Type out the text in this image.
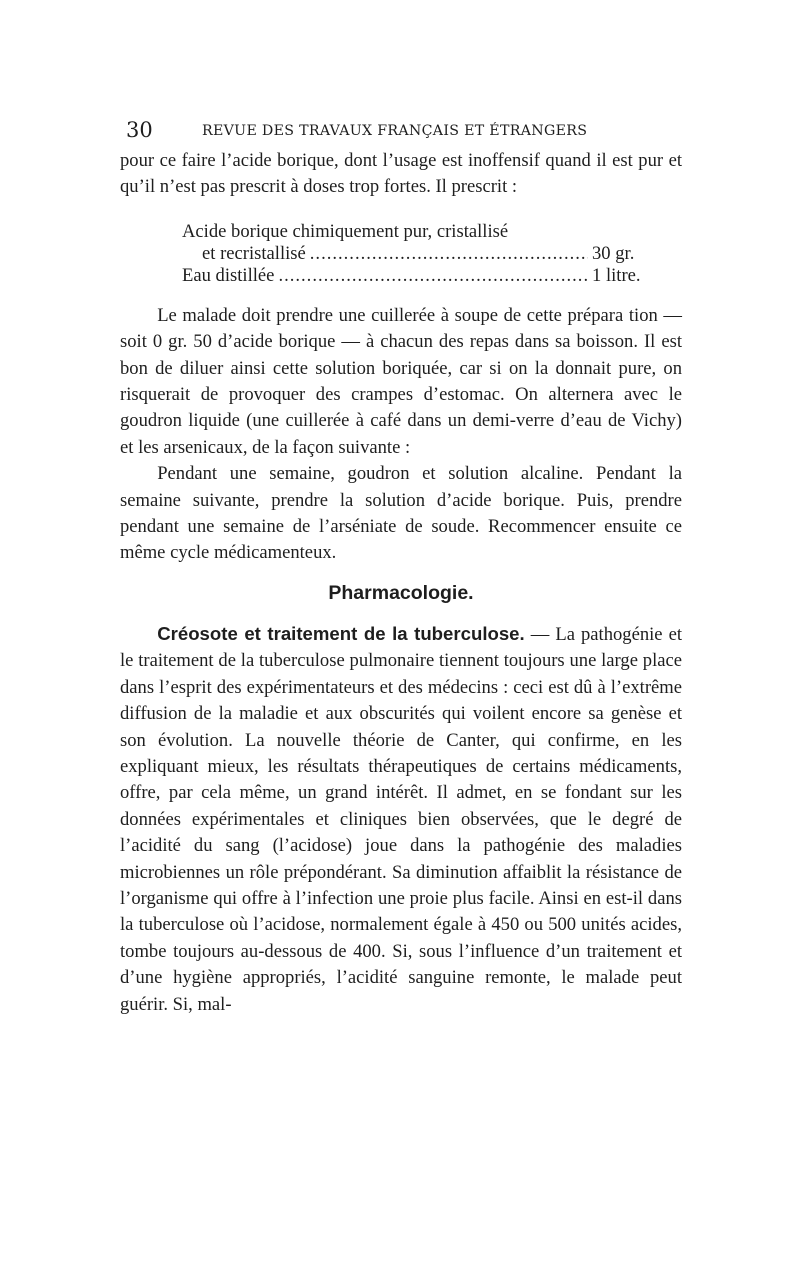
30	REVUE DES TRAVAUX FRANÇAIS ET ÉTRANGERS

pour ce faire l’acide borique, dont l’usage est inoffensif quand il est pur et qu’il n’est pas prescrit à doses trop fortes. Il prescrit :

Acide borique chimiquement pur, cristallisé
et recristallisé .....	30 gr.
Eau distillée .....	1 litre.

Le malade doit prendre une cuillerée à soupe de cette prépara tion — soit 0 gr. 50 d’acide borique — à chacun des repas dans sa boisson. Il est bon de diluer ainsi cette solution boriquée, car si on la donnait pure, on risquerait de provoquer des crampes d’estomac. On alternera avec le goudron liquide (une cuillerée à café dans un demi-verre d’eau de Vichy) et les arsenicaux, de la façon suivante :

Pendant une semaine, goudron et solution alcaline. Pendant la semaine suivante, prendre la solution d’acide borique. Puis, prendre pendant une semaine de l’arséniate de soude. Recommencer ensuite ce même cycle médicamenteux.

Pharmacologie.

Créosote et traitement de la tuberculose. — La pathogénie et le traitement de la tuberculose pulmonaire tiennent toujours une large place dans l’esprit des expérimentateurs et des médecins : ceci est dû à l’extrême diffusion de la maladie et aux obscurités qui voilent encore sa genèse et son évolution. La nouvelle théorie de Canter, qui confirme, en les expliquant mieux, les résultats thérapeutiques de certains médicaments, offre, par cela même, un grand intérêt. Il admet, en se fondant sur les données expérimentales et cliniques bien observées, que le degré de l’acidité du sang (l’acidose) joue dans la pathogénie des maladies microbiennes un rôle prépondérant. Sa diminution affaiblit la résistance de l’organisme qui offre à l’infection une proie plus facile. Ainsi en est-il dans la tuberculose où l’acidose, normalement égale à 450 ou 500 unités acides, tombe toujours au-dessous de 400. Si, sous l’influence d’un traitement et d’une hygiène appropriés, l’acidité sanguine remonte, le malade peut guérir. Si, mal-
